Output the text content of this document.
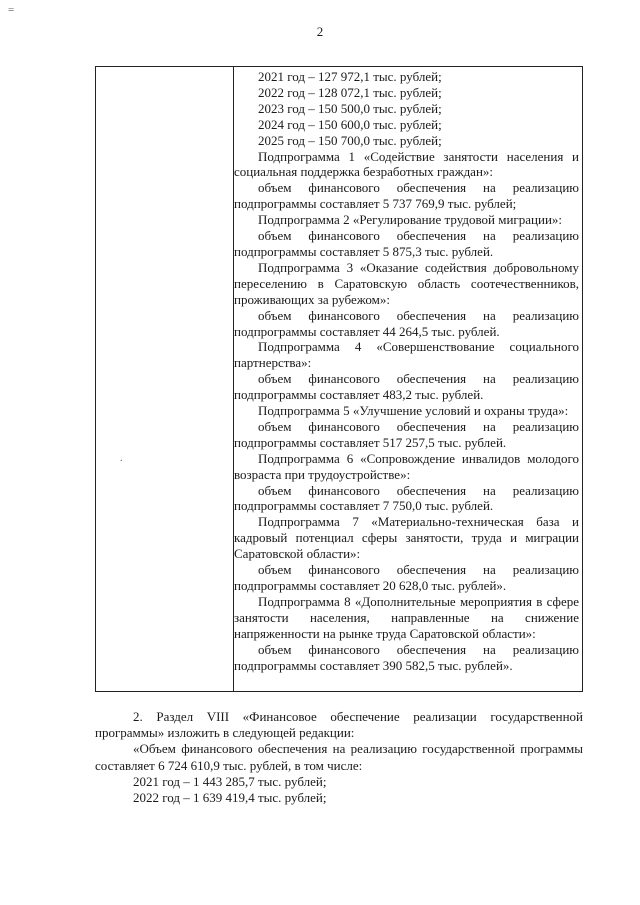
=
2
.

2021 год – 127 972,1 тыс. рублей;

2022 год – 128 072,1 тыс. рублей;

2023 год – 150 500,0 тыс. рублей;

2024 год – 150 600,0 тыс. рублей;

2025 год – 150 700,0 тыс. рублей;

Подпрограмма 1 «Содействие занятости населения и социальная поддержка безработных граждан»:

объем финансового обеспечения на реализацию подпрограммы составляет 5 737 769,9 тыс. рублей;

Подпрограмма 2 «Регулирование трудовой миграции»:

объем финансового обеспечения на реализацию подпрограммы составляет 5 875,3 тыс. рублей.

Подпрограмма 3 «Оказание содействия добровольному переселению в Саратовскую область соотечественников, проживающих за рубежом»:

объем финансового обеспечения на реализацию подпрограммы составляет 44 264,5 тыс. рублей.

Подпрограмма 4 «Совершенствование социального партнерства»:

объем финансового обеспечения на реализацию подпрограммы составляет 483,2 тыс. рублей.

Подпрограмма 5 «Улучшение условий и охраны труда»:

объем финансового обеспечения на реализацию подпрограммы составляет 517 257,5 тыс. рублей.

Подпрограмма 6 «Сопровождение инвалидов молодого возраста при трудоустройстве»:

объем финансового обеспечения на реализацию подпрограммы составляет 7 750,0 тыс. рублей.

Подпрограмма 7 «Материально-техническая база и кадровый потенциал сферы занятости, труда и миграции Саратовской области»:

объем финансового обеспечения на реализацию подпрограммы составляет 20 628,0 тыс. рублей».

Подпрограмма 8 «Дополнительные мероприятия в сфере занятости населения, направленные на снижение напряженности на рынке труда Саратовской области»:

объем финансового обеспечения на реализацию подпрограммы составляет 390 582,5 тыс. рублей».

2. Раздел VIII «Финансовое обеспечение реализации государственной программы» изложить в следующей редакции:

«Объем финансового обеспечения на реализацию государственной программы составляет 6 724 610,9 тыс. рублей, в том числе:

2021 год – 1 443 285,7 тыс. рублей;

2022 год – 1 639 419,4 тыс. рублей;
